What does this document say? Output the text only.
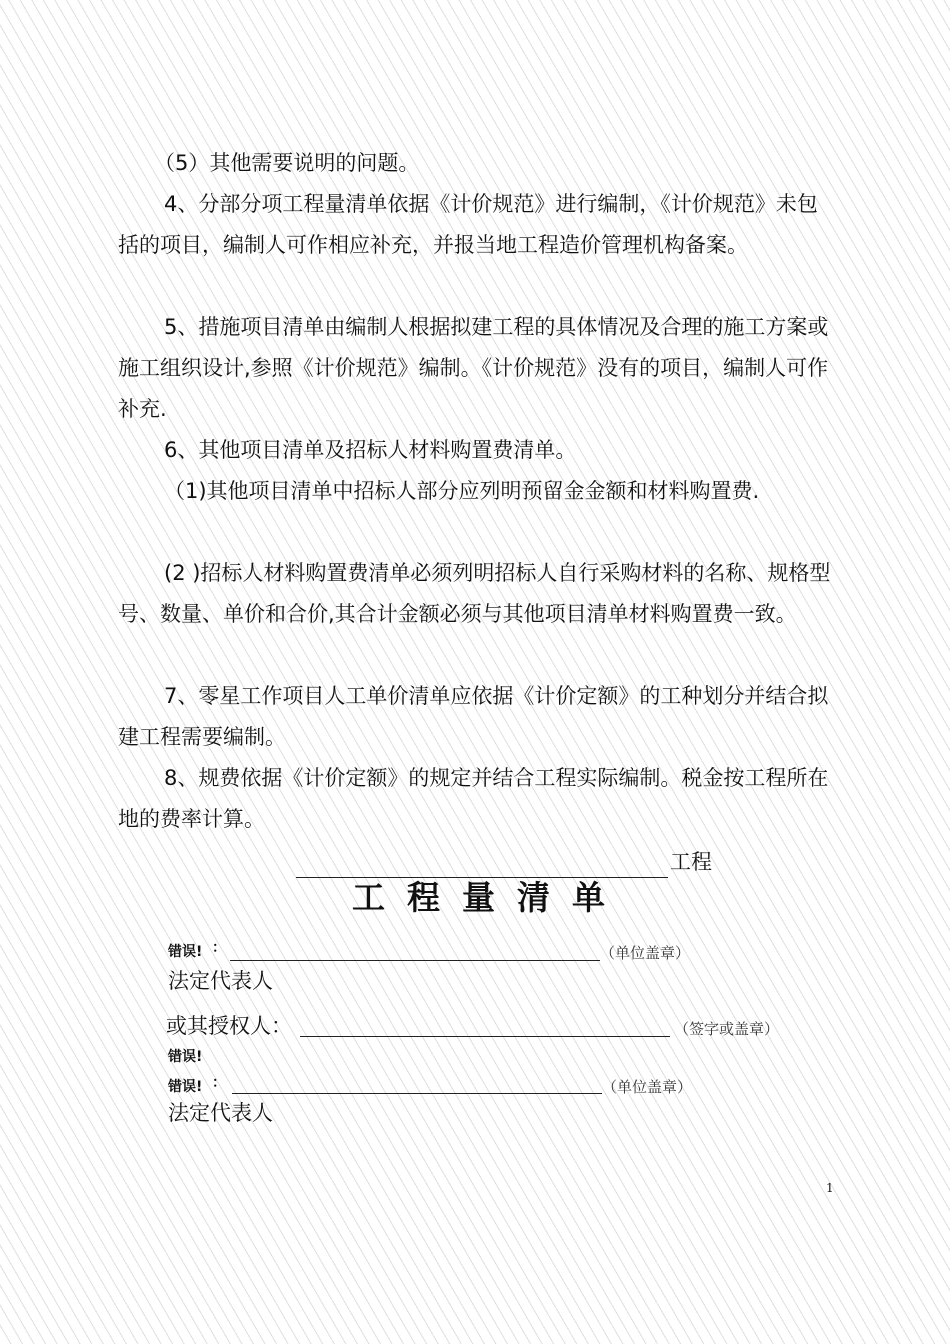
（5）其他需要说明的问题。

4、分部分项工程量清单依据《计价规范》进行编制，《计价规范》未包括的项目，编制人可作相应补充，并报当地工程造价管理机构备案。

5、措施项目清单由编制人根据拟建工程的具体情况及合理的施工方案或施工组织设计,参照《计价规范》编制。《计价规范》没有的项目，编制人可作补充.

6、其他项目清单及招标人材料购置费清单。

（1)其他项目清单中招标人部分应列明预留金金额和材料购置费.

(2 )招标人材料购置费清单必须列明招标人自行采购材料的名称、规格型号、数量、单价和合价,其合计金额必须与其他项目清单材料购置费一致。

7、零星工作项目人工单价清单应依据《计价定额》的工种划分并结合拟建工程需要编制。

8、规费依据《计价定额》的规定并结合工程实际编制。税金按工程所在地的费率计算。

工程
工程量清单
错误! ：	（单位盖章）
法定代表人
或其授权人：	（签字或盖章）
错误!
错误! ：	（单位盖章）
法定代表人
1
